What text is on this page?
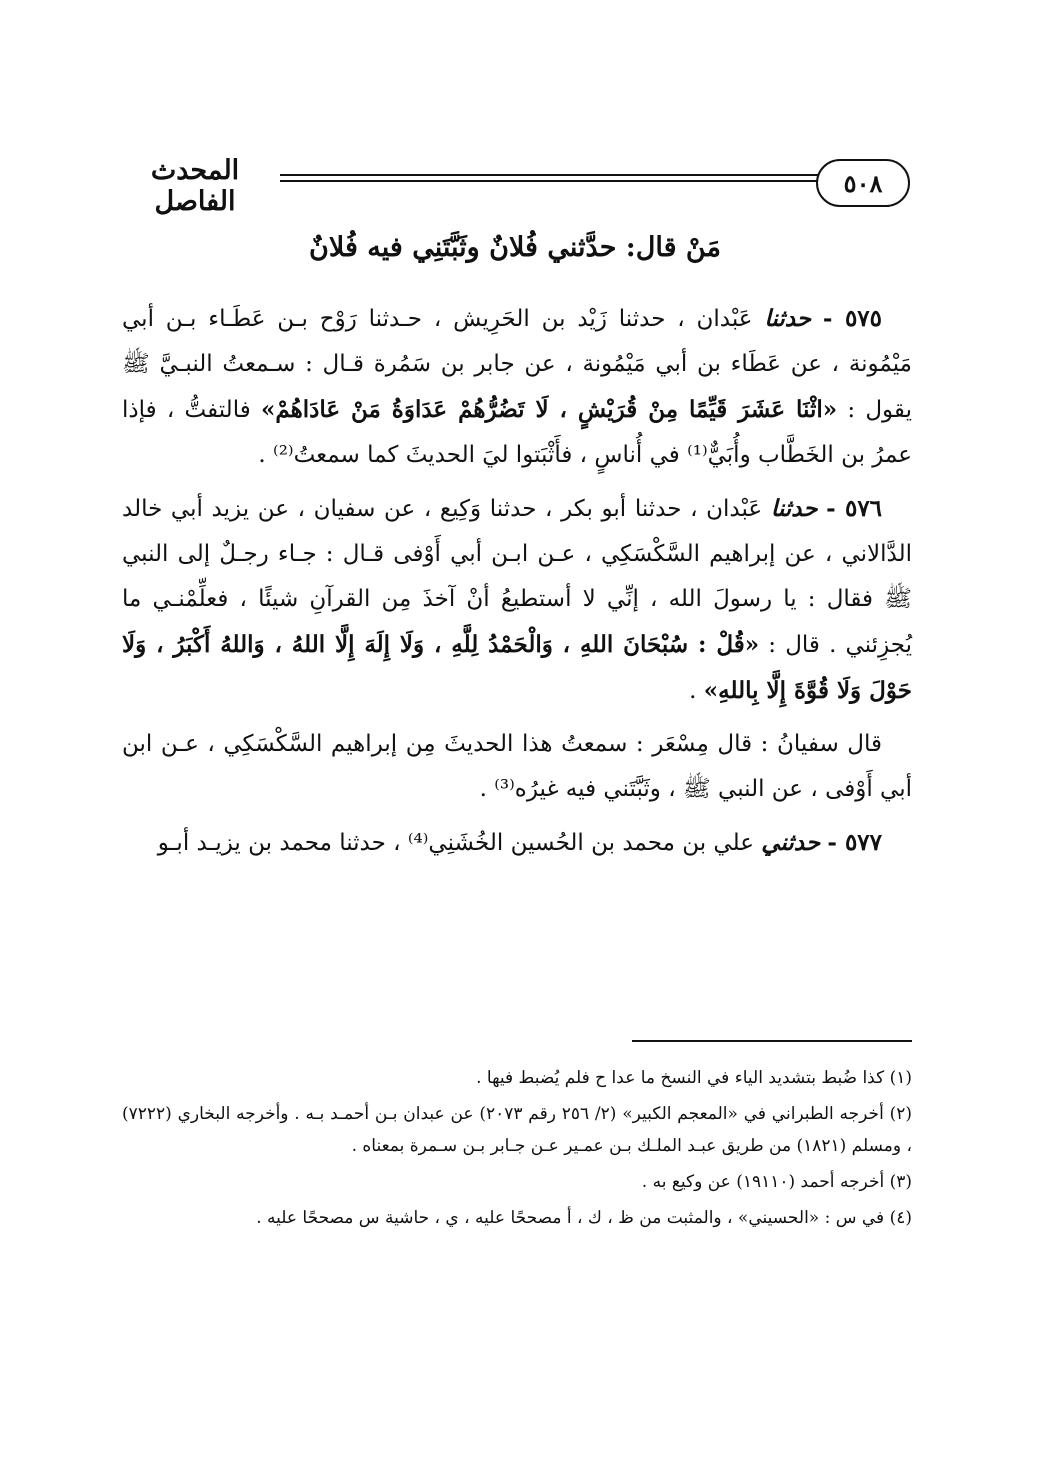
٥٠٨
المحدث الفاصل
مَنْ قال: حدَّثني فُلانٌ وثَبَّتَنِي فيه فُلانٌ

٥٧٥ - حدثنا عَبْدان ، حدثنا زَيْد بن الحَرِيش ، حـدثنا رَوْح بـن عَطَـاء بـن أبي مَيْمُونة ، عن عَطَاء بن أبي مَيْمُونة ، عن جابر بن سَمُرة قـال : سـمعتُ النبـيَّ ﷺ يقول : «اثْنَا عَشَرَ قَيِّمًا مِنْ قُرَيْشٍ ، لَا تَضُرُّهُمْ عَدَاوَةُ مَنْ عَادَاهُمْ» فالتفتُّ ، فإذا عمرُ بن الخَطَّاب وأُبَيٌّ⁽¹⁾ في أُناسٍ ، فأَثْبَتوا ليَ الحديثَ كما سمعتُ⁽²⁾ .

٥٧٦ - حدثنا عَبْدان ، حدثنا أبو بكر ، حدثنا وَكِيع ، عن سفيان ، عن يزيد أبي خالد الدَّالاني ، عن إبراهيم السَّكْسَكِي ، عـن ابـن أبي أَوْفى قـال : جـاء رجـلٌ إلى النبي ﷺ فقال : يا رسولَ الله ، إنِّي لا أستطيعُ أنْ آخذَ مِن القرآنِ شيئًا ، فعلِّمْنـي ما يُجزِئني . قال : «قُلْ : سُبْحَانَ اللهِ ، وَالْحَمْدُ لِلَّهِ ، وَلَا إِلَهَ إِلَّا اللهُ ، وَاللهُ أَكْبَرُ ، وَلَا حَوْلَ وَلَا قُوَّةَ إِلَّا بِاللهِ» .

قال سفيانُ : قال مِسْعَر : سمعتُ هذا الحديثَ مِن إبراهيم السَّكْسَكِي ، عـن ابن أبي أَوْفى ، عن النبي ﷺ ، وثَبَّتَني فيه غيرُه⁽³⁾ .

٥٧٧ - حدثني علي بن محمد بن الحُسين الخُشَنِي⁽⁴⁾ ، حدثنا محمد بن يزيـد أبـو

(١) كذا ضُبط بتشديد الياء في النسخ ما عدا ح فلم يُضبط فيها .

(٢) أخرجه الطبراني في «المعجم الكبير» (٢/ ٢٥٦ رقم ٢٠٧٣) عن عبدان بـن أحمـد بـه . وأخرجه البخاري (٧٢٢٢) ، ومسلم (١٨٢١) من طريق عبـد الملـك بـن عمـير عـن جـابر بـن سـمرة بمعناه .

(٣) أخرجه أحمد (١٩١١٠) عن وكيع به .

(٤) في س : «الحسيني» ، والمثبت من ظ ، ك ، أ مصححًا عليه ، ي ، حاشية س مصححًا عليه .
